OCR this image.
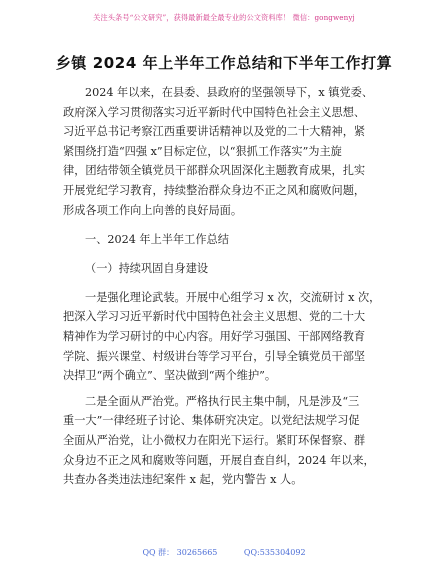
关注头条号“公文研究”，获得最新最全最专业的公文资料库！ 微信：gongwenyj
乡镇 2024 年上半年工作总结和下半年工作打算
2024 年以来，在县委、县政府的坚强领导下，x 镇党委、
政府深入学习贯彻落实习近平新时代中国特色社会主义思想、
习近平总书记考察江西重要讲话精神以及党的二十大精神，紧
紧围绕打造“四强 x”目标定位，以“狠抓工作落实”为主旋
律，团结带领全镇党员干部群众巩固深化主题教育成果，扎实
开展党纪学习教育，持续整治群众身边不正之风和腐败问题，
形成各项工作向上向善的良好局面。
一、2024 年上半年工作总结
（一）持续巩固自身建设
一是强化理论武装。开展中心组学习 x 次，交流研讨 x 次，
把深入学习习近平新时代中国特色社会主义思想、党的二十大
精神作为学习研讨的中心内容。用好学习强国、干部网络教育
学院、振兴课堂、村级讲台等学习平台，引导全镇党员干部坚
决捍卫“两个确立”、坚决做到“两个维护”。
二是全面从严治党。严格执行民主集中制，凡是涉及“三
重一大”一律经班子讨论、集体研究决定。以党纪法规学习促
全面从严治党，让小微权力在阳光下运行。紧盯环保督察、群
众身边不正之风和腐败等问题，开展自查自纠，2024 年以来，
共查办各类违法违纪案件 x 起，党内警告 x 人。
QQ 群： 30265665	QQ:535304092
